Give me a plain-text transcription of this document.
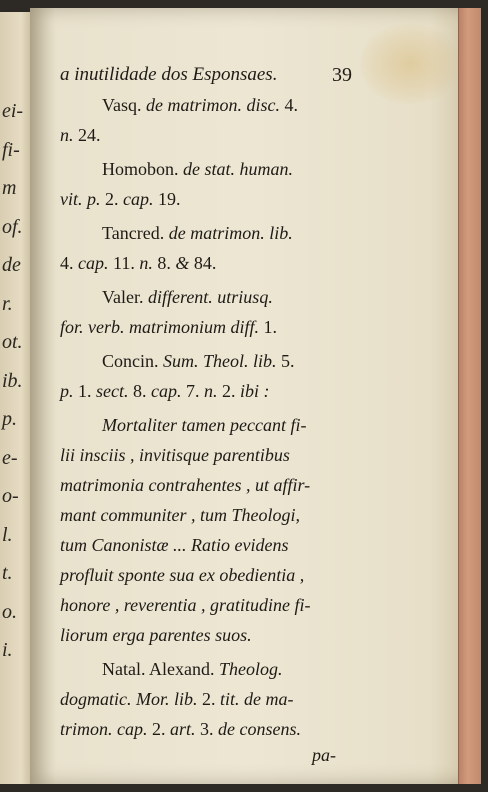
ei-
fi-
m
of.
de
r.
ot.
ib.
p.
e-
o-
l.
t.
o.
i.
a inutilidade dos Esponsaes.	39
Vasq. de matrimon. disc. 4.
n. 24.
Homobon. de stat. human.
vit. p. 2. cap. 19.
Tancred. de matrimon. lib.
4. cap. 11. n. 8. & 84.
Valer. different. utriusq.
for. verb. matrimonium diff. 1.
Concin. Sum. Theol. lib. 5.
p. 1. sect. 8. cap. 7. n. 2. ibi :
Mortaliter tamen peccant fi-
lii insciis , invitisque parentibus
matrimonia contrahentes , ut affir-
mant communiter , tum Theologi,
tum Canonistæ ... Ratio evidens
profluit sponte sua ex obedientia ,
honore , reverentia , gratitudine fi-
liorum erga parentes suos.
Natal. Alexand. Theolog.
dogmatic. Mor. lib. 2. tit. de ma-
trimon. cap. 2. art. 3. de consens.
pa-
